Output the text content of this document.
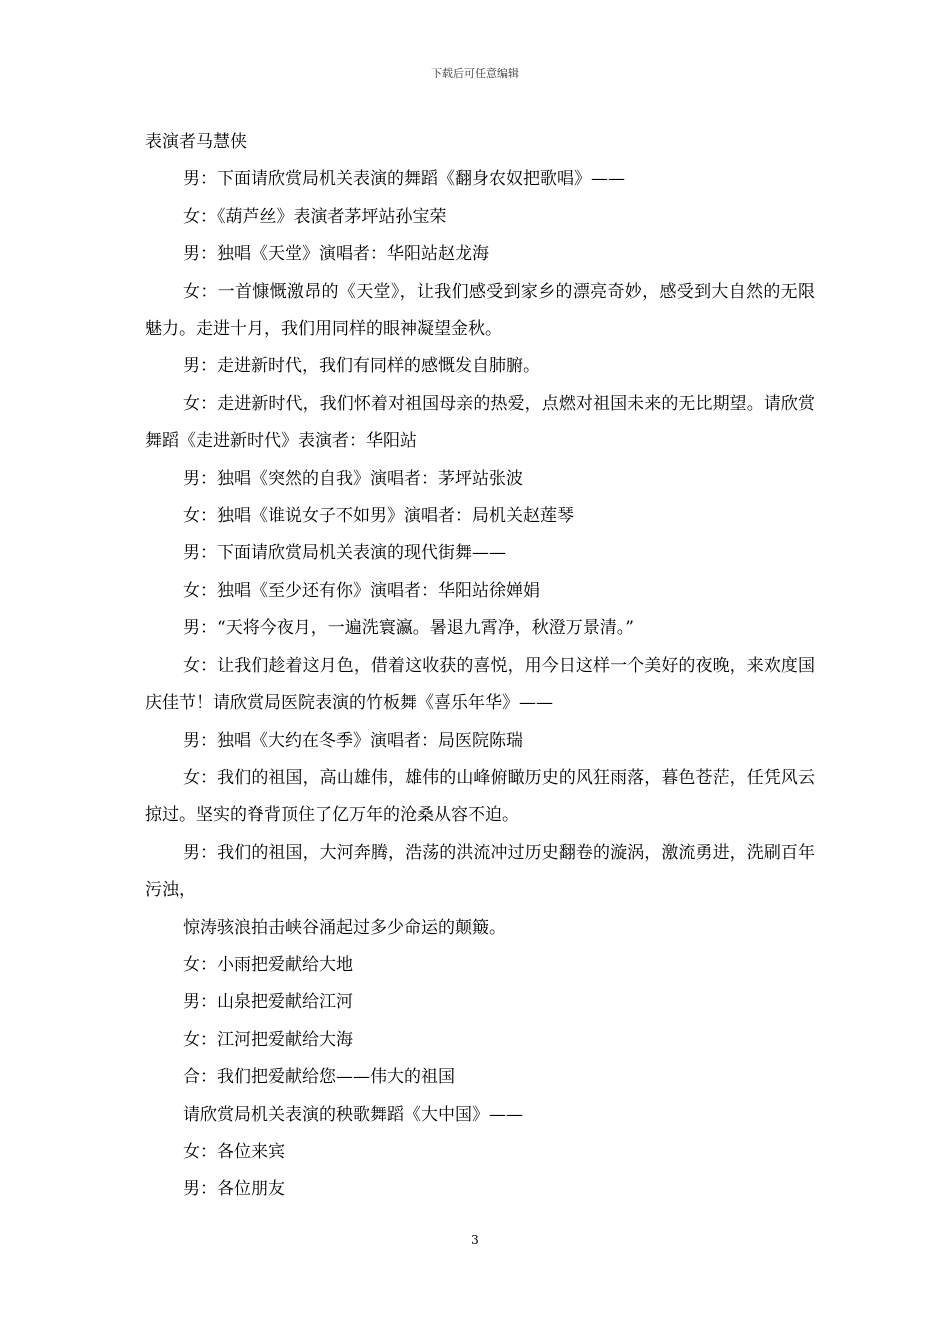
下载后可任意编辑

表演者马慧侠

男：下面请欣赏局机关表演的舞蹈《翻身农奴把歌唱》——

女：《葫芦丝》表演者茅坪站孙宝荣

男：独唱《天堂》演唱者：华阳站赵龙海

女：一首慷慨激昂的《天堂》，让我们感受到家乡的漂亮奇妙，感受到大自然的无限魅力。走进十月，我们用同样的眼神凝望金秋。

男：走进新时代，我们有同样的感慨发自肺腑。

女：走进新时代，我们怀着对祖国母亲的热爱，点燃对祖国未来的无比期望。请欣赏舞蹈《走进新时代》表演者：华阳站

男：独唱《突然的自我》演唱者：茅坪站张波

女：独唱《谁说女子不如男》演唱者：局机关赵莲琴

男：下面请欣赏局机关表演的现代街舞——

女：独唱《至少还有你》演唱者：华阳站徐婵娟

男：“天将今夜月，一遍洗寰瀛。暑退九霄净，秋澄万景清。”

女：让我们趁着这月色，借着这收获的喜悦，用今日这样一个美好的夜晚，来欢度国庆佳节！请欣赏局医院表演的竹板舞《喜乐年华》——

男：独唱《大约在冬季》演唱者：局医院陈瑞

女：我们的祖国，高山雄伟，雄伟的山峰俯瞰历史的风狂雨落，暮色苍茫，任凭风云掠过。坚实的脊背顶住了亿万年的沧桑从容不迫。

男：我们的祖国，大河奔腾，浩荡的洪流冲过历史翻卷的漩涡，激流勇进，洗刷百年污浊，

惊涛骇浪拍击峡谷涌起过多少命运的颠簸。

女：小雨把爱献给大地

男：山泉把爱献给江河

女：江河把爱献给大海

合：我们把爱献给您——伟大的祖国

请欣赏局机关表演的秧歌舞蹈《大中国》——

女：各位来宾

男：各位朋友

3
